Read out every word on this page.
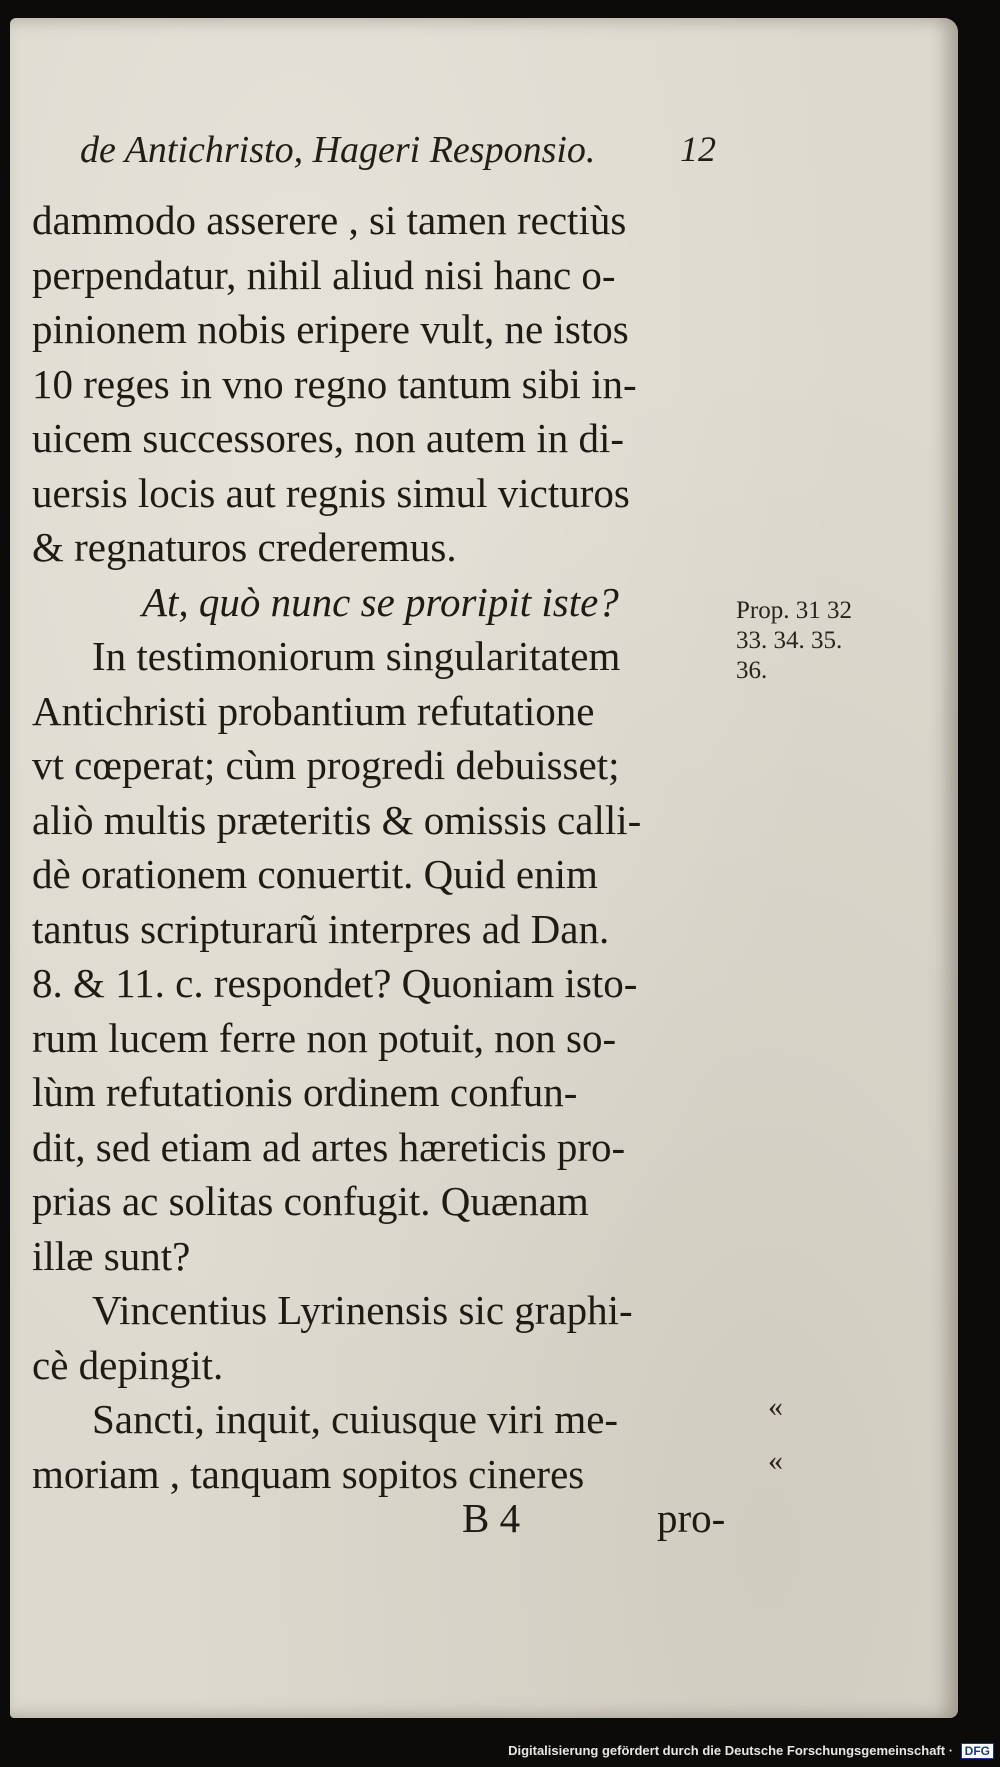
de Antichristo, Hageri Responsio. 12
dammodo asserere , si tamen rectiùs
perpendatur, nihil aliud nisi hanc o-
pinionem nobis eripere vult, ne istos
10 reges in vno regno tantum sibi in-
uicem successores, non autem in di-
uersis locis aut regnis simul victuros
& regnaturos crederemus.
At, quò nunc se proripit iste?
In testimoniorum singularitatem
Antichristi probantium refutatione
vt cœperat; cùm progredi debuisset;
aliò multis præteritis & omissis calli-
dè orationem conuertit. Quid enim
tantus scripturarũ interpres ad Dan.
8. & 11. c. respondet? Quoniam isto-
rum lucem ferre non potuit, non so-
lùm refutationis ordinem confun-
dit, sed etiam ad artes hæreticis pro-
prias ac solitas confugit. Quænam
illæ sunt?
Vincentius Lyrinensis sic graphi-
cè depingit.
Sancti, inquit, cuiusque viri me-
moriam , tanquam sopitos cineres
Prop. 31 32
33. 34. 35.
36.
«
«
B 4	pro-
Digitalisierung gefördert durch die Deutsche Forschungsgemeinschaft · DFG
